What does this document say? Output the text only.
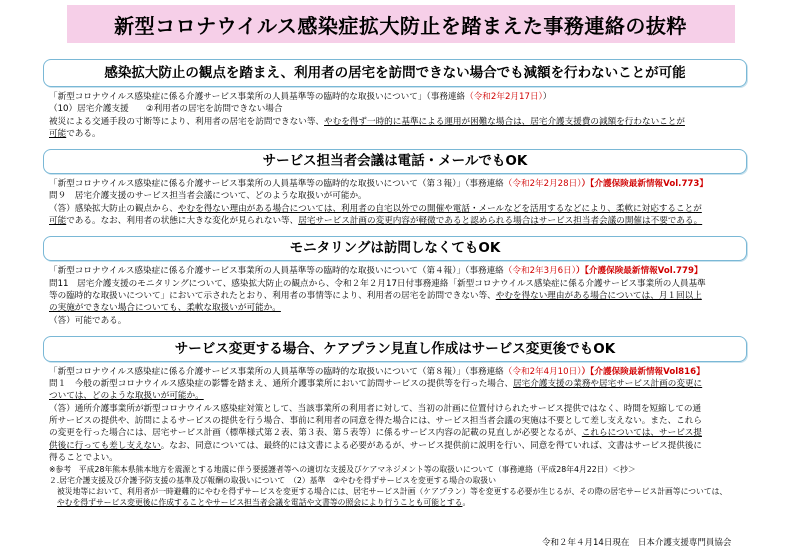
新型コロナウイルス感染症拡大防止を踏まえた事務連絡の抜粋
感染拡大防止の観点を踏まえ、利用者の居宅を訪問できない場合でも減額を行わないことが可能
「新型コロナウイルス感染症に係る介護サービス事業所の人員基準等の臨時的な取扱いについて」（事務連絡（令和2年2月17日））
（10）居宅介護支援　　②利用者の居宅を訪問できない場合
被災による交通手段の寸断等により、利用者の居宅を訪問できない等、やむを得ず一時的に基準による運用が困難な場合は、居宅介護支援費の減額を行わないことが
可能である。
サービス担当者会議は電話・メールでもOK
「新型コロナウイルス感染症に係る介護サービス事業所の人員基準等の臨時的な取扱いについて（第３報）」（事務連絡（令和2年2月28日））【介護保険最新情報Vol.773】
問９　居宅介護支援のサービス担当者会議について、どのような取扱いが可能か。
（答）感染拡大防止の観点から、やむを得ない理由がある場合については、利用者の自宅以外での開催や電話・メールなどを活用するなどにより、柔軟に対応することが
可能である。なお、利用者の状態に大きな変化が見られない等、居宅サービス計画の変更内容が軽微であると認められる場合はサービス担当者会議の開催は不要である。
モニタリングは訪問しなくてもOK
「新型コロナウイルス感染症に係る介護サービス事業所の人員基準等の臨時的な取扱いについて（第４報）」（事務連絡（令和2年3月6日））【介護保険最新情報Vol.779】
問11　居宅介護支援のモニタリングについて、感染拡大防止の観点から、令和２年２月17日付事務連絡「新型コロナウイルス感染症に係る介護サービス事業所の人員基準
等の臨時的な取扱いについて」において示されたとおり、利用者の事情等により、利用者の居宅を訪問できない等、やむを得ない理由がある場合については、月１回以上
の実施ができない場合についても、柔軟な取扱いが可能か。
（答）可能である。
サービス変更する場合、ケアプラン見直し作成はサービス変更後でもOK
「新型コロナウイルス感染症に係る介護サービス事業所の人員基準等の臨時的な取扱いについて（第８報）」（事務連絡（令和2年4月10日））【介護保険最新情報Vol816】
問１　今般の新型コロナウイルス感染症の影響を踏まえ、通所介護事業所において訪問サービスの提供等を行った場合、居宅介護支援の業務や居宅サービス計画の変更に
ついては、どのような取扱いが可能か。
（答）通所介護事業所が新型コロナウイルス感染症対策として、当該事業所の利用者に対して、当初の計画に位置付けられたサービス提供ではなく、時間を短縮しての通
所サービスの提供や、訪問によるサービスの提供を行う場合、事前に利用者の同意を得た場合には、サービス担当者会議の実施は不要として差し支えない。また、これら
の変更を行った場合には、居宅サービス計画（標準様式第２表、第３表、第５表等）に係るサービス内容の記載の見直しが必要となるが、これらについては、サービス提
供後に行っても差し支えない。なお、同意については、最終的には文書による必要があるが、サービス提供前に説明を行い、同意を得ていれば、文書はサービス提供後に
得ることでよい。
※参考　平成28年熊本県熊本地方を震源とする地震に伴う要援護者等への適切な支援及びケアマネジメント等の取扱いについて（事務連絡（平成28年4月22日）＜抄＞
２.居宅介護支援及び介護予防支援の基準及び報酬の取扱いについて　（2）基準　②やむを得ずサービスを変更する場合の取扱い
被災地等において、利用者が一時避難的にやむを得ずサービスを変更する場合には、居宅サービス計画（ケアプラン）等を変更する必要が生じるが、その際の居宅サービス計画等については、
やむを得ずサービス変更後に作成することやサービス担当者会議を電話や文書等の照会により行うことも可能とする。
令和２年４月14日現在　日本介護支援専門員協会
